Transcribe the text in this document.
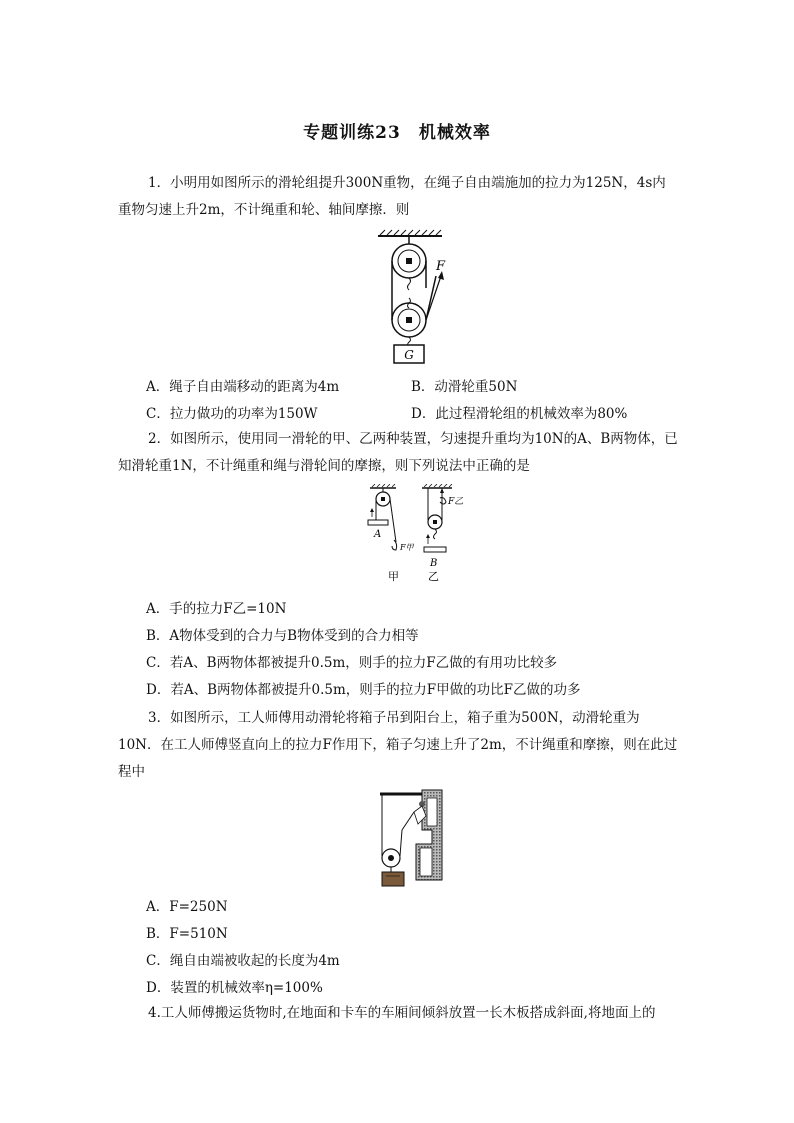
专题训练23　机械效率
1．小明用如图所示的滑轮组提升300N重物，在绳子自由端施加的拉力为125N，4s内重物匀速上升2m，不计绳重和轮、轴间摩擦．则
F
G
A．绳子自由端移动的距离为4m	B．动滑轮重50N
C．拉力做功的功率为150W	D．此过程滑轮组的机械效率为80%
2．如图所示，使用同一滑轮的甲、乙两种装置，匀速提升重均为10N的A、B两物体，已知滑轮重1N，不计绳重和绳与滑轮间的摩擦，则下列说法中正确的是
A
F甲
甲
F乙
B
乙
A．手的拉力F乙=10N
B．A物体受到的合力与B物体受到的合力相等
C．若A、B两物体都被提升0.5m，则手的拉力F乙做的有用功比较多
D．若A、B两物体都被提升0.5m，则手的拉力F甲做的功比F乙做的功多
3．如图所示，工人师傅用动滑轮将箱子吊到阳台上，箱子重为500N，动滑轮重为10N．在工人师傅竖直向上的拉力F作用下，箱子匀速上升了2m，不计绳重和摩擦，则在此过程中
A．F=250N
B．F=510N
C．绳自由端被收起的长度为4m
D．装置的机械效率η=100%
4.工人师傅搬运货物时,在地面和卡车的车厢间倾斜放置一长木板搭成斜面,将地面上的
